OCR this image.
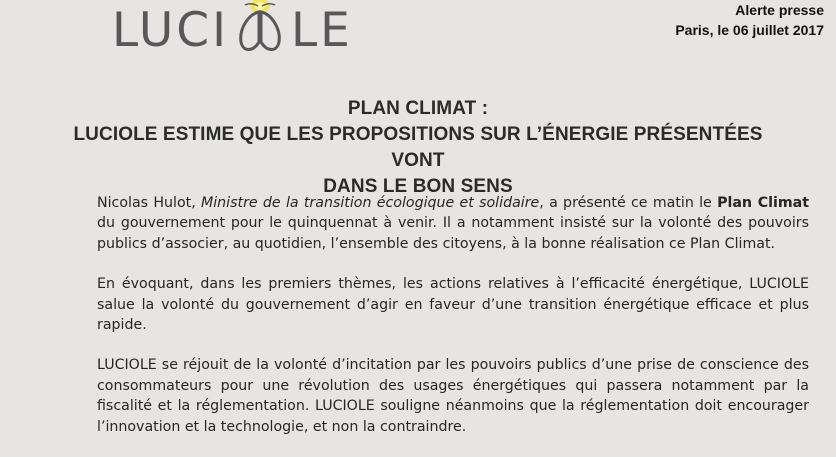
LUCI LE	Alerte presse
Paris, le 06 juillet 2017
PLAN CLIMAT :
LUCIOLE ESTIME QUE LES PROPOSITIONS SUR L’ÉNERGIE PRÉSENTÉES VONT
DANS LE BON SENS

Nicolas Hulot, Ministre de la transition écologique et solidaire, a présenté ce matin le Plan Climat du gouvernement pour le quinquennat à venir. Il a notamment insisté sur la volonté des pouvoirs publics d’associer, au quotidien, l’ensemble des citoyens, à la bonne réalisation ce Plan Climat.

En évoquant, dans les premiers thèmes, les actions relatives à l’efficacité énergétique, LUCIOLE salue la volonté du gouvernement d’agir en faveur d’une transition énergétique efficace et plus rapide.

LUCIOLE se réjouit de la volonté d’incitation par les pouvoirs publics d’une prise de conscience des consommateurs pour une révolution des usages énergétiques qui passera notamment par la fiscalité et la réglementation. LUCIOLE souligne néanmoins que la réglementation doit encourager l’innovation et la technologie, et non la contraindre.
